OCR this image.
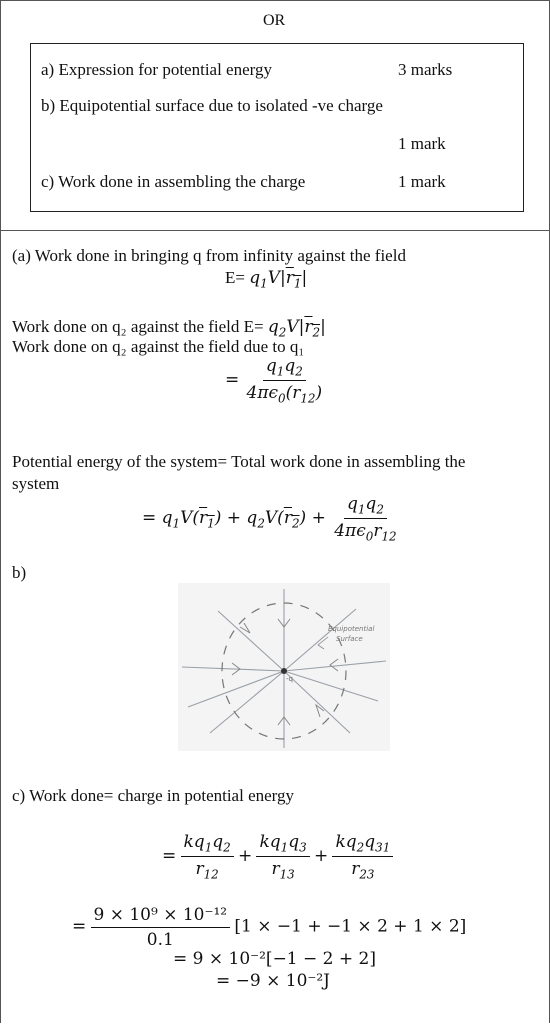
OR
a) Expression for potential energy	3 marks
b) Equipotential surface due to isolated -ve charge
1 mark
c) Work done in assembling the charge	1 mark
(a) Work done in bringing q from infinity against the field
$E= q_1V|r_1|$
Work done on q₂ against the field $E= q_2V|r_2|$
Work done on q₂ against the field due to q₁
= $\frac{q_1q_2}{4\pi\epsilon_0(r_{12})}$
Potential energy of the system= Total work done in assembling the
system
= $q_1V(r_1) + q_2V(r_2) + \frac{q_1q_2}{4\pi\epsilon_0r_{12}}$
b)
-q
Equipotential
Surface
c) Work done= charge in potential energy
= $\frac{kq_1q_2}{r_{12}} + \frac{kq_1q_3}{r_{13}} + \frac{kq_2q_{31}}{r_{23}}$
= $\frac{\text{9 × 10⁹ × 10⁻¹²}}{0.1} [1 \times -1 + -1 \times 2 + 1 \times 2]$
= 9 × 10⁻²[−1 − 2 + 2]
= −9 × 10⁻²J
